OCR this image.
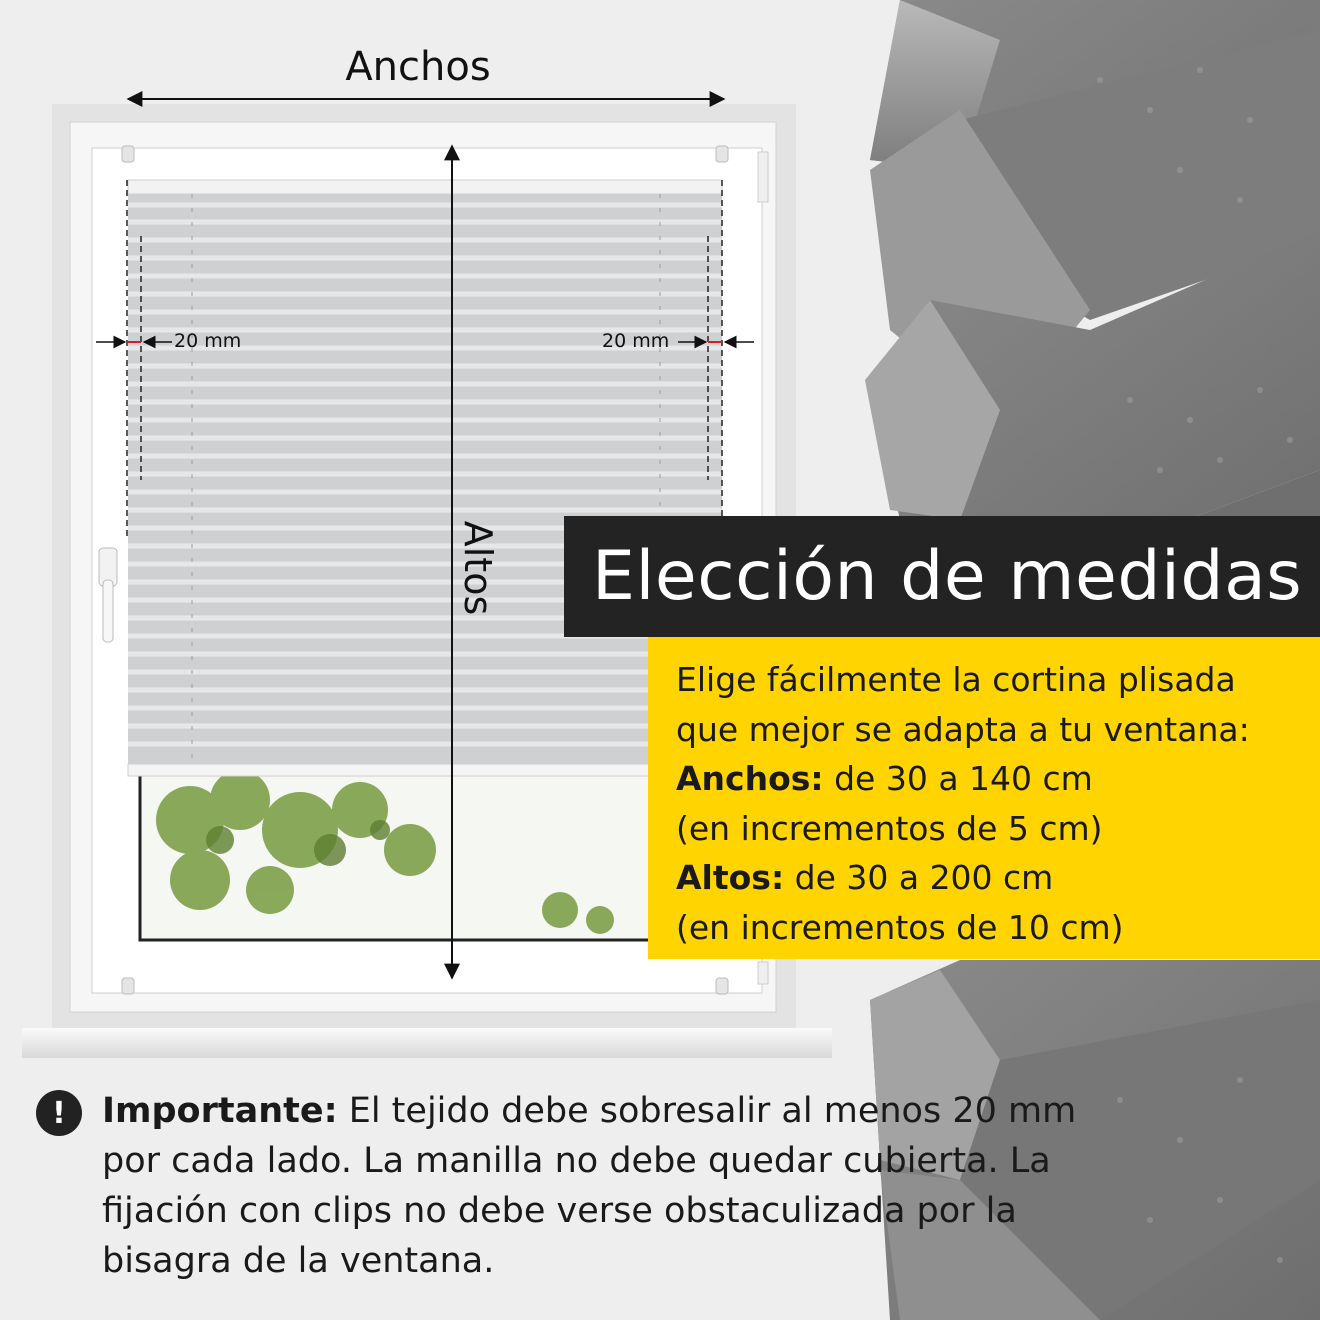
Anchos
Altos
20 mm	20 mm
Elección de medidas
Elige fácilmente la cortina plisada
que mejor se adapta a tu ventana:
Anchos: de 30 a 140 cm
(en incrementos de 5 cm)
Altos: de 30 a 200 cm
(en incrementos de 10 cm)
!	Importante: El tejido debe sobresalir al menos 20 mm
por cada lado. La manilla no debe quedar cubierta. La
fijación con clips no debe verse obstaculizada por la
bisagra de la ventana.
